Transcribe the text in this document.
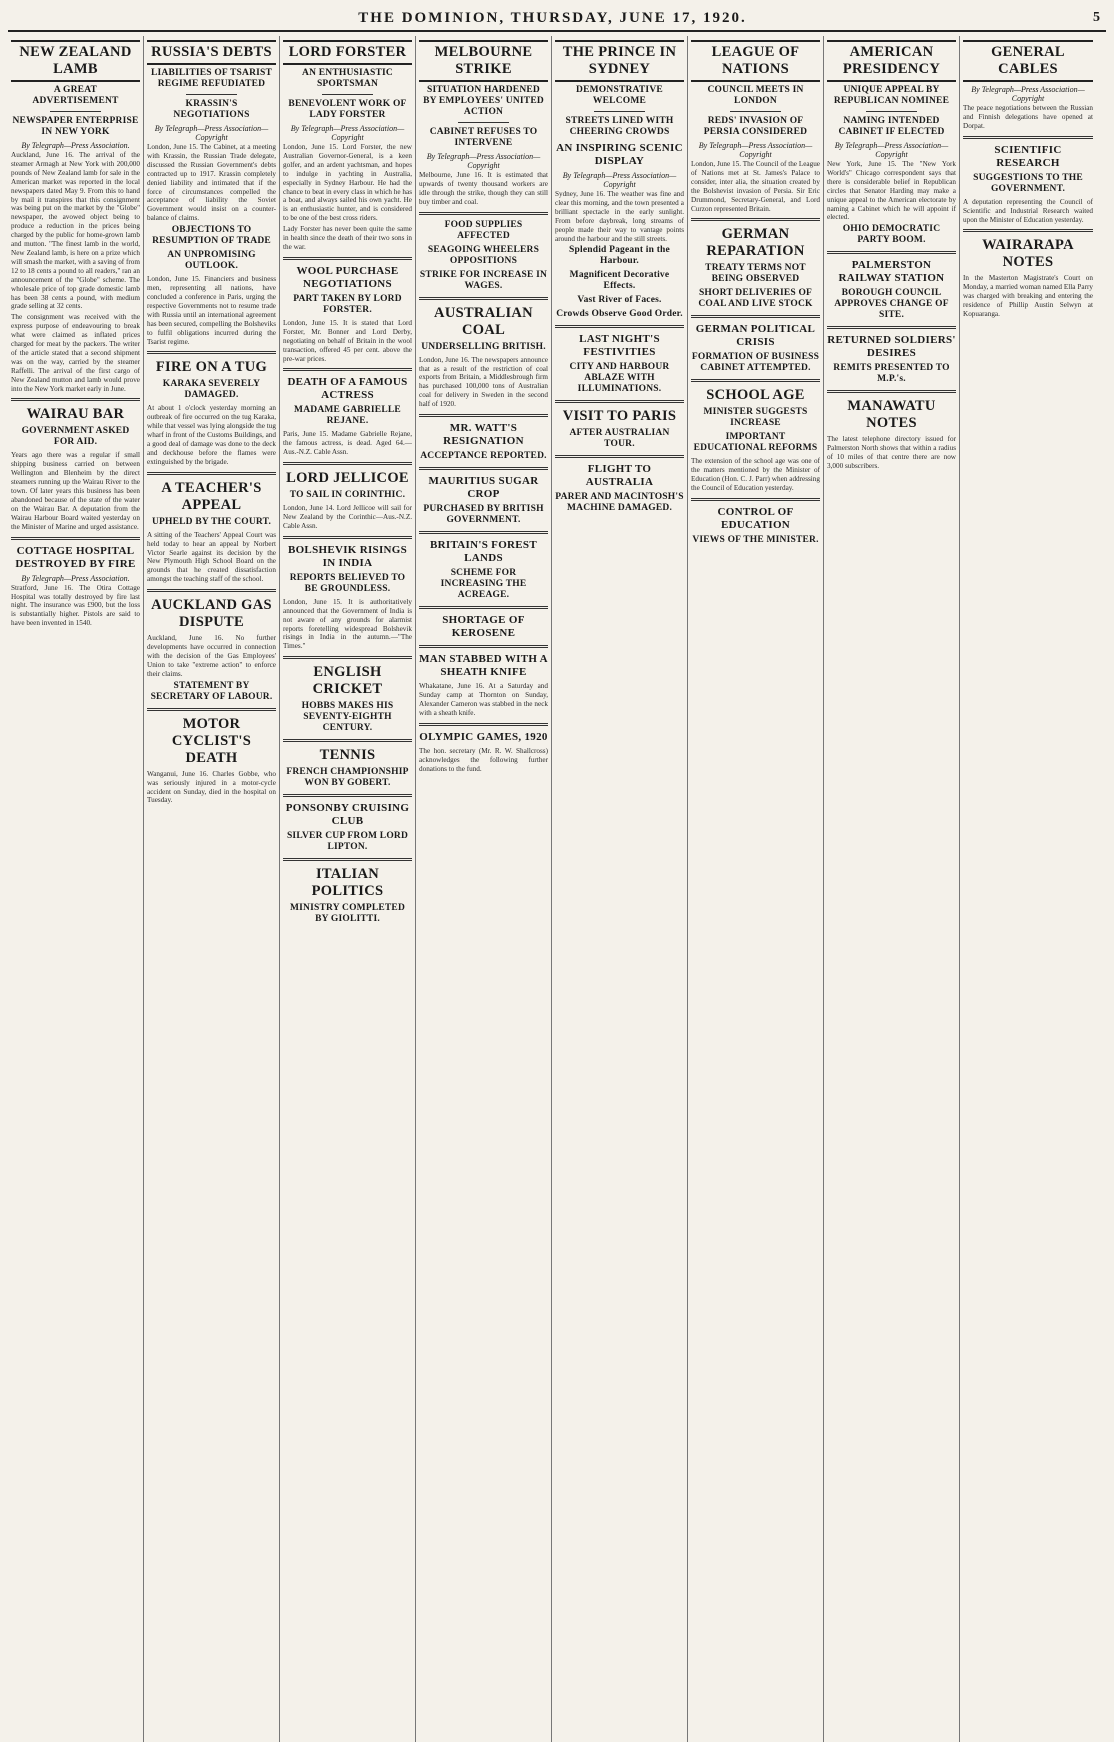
THE DOMINION, THURSDAY, JUNE 17, 1920.	5
NEW ZEALAND LAMB
A GREAT ADVERTISEMENT
NEWSPAPER ENTERPRISE IN NEW YORK
By Telegraph—Press Association.

Auckland, June 16. The arrival of the steamer Armagh at New York with 200,000 pounds of New Zealand lamb for sale in the American market was reported in the local newspapers dated May 9. From this to hand by mail it transpires that this consignment was being put on the market by the "Globe" newspaper, the avowed object being to produce a reduction in the prices being charged by the public for home-grown lamb and mutton. "The finest lamb in the world, New Zealand lamb, is here on a prize which will smash the market, with a saving of from 12 to 18 cents a pound to all readers," ran an announcement of the "Globe" scheme. The wholesale price of top grade domestic lamb has been 38 cents a pound, with medium grade selling at 32 cents.

The consignment was received with the express purpose of endeavouring to break what were claimed as inflated prices charged for meat by the packers. The writer of the article stated that a second shipment was on the way, carried by the steamer Raffelli. The arrival of the first cargo of New Zealand mutton and lamb would prove into the New York market early in June.

WAIRAU BAR
GOVERNMENT ASKED FOR AID.

Years ago there was a regular if small shipping business carried on between Wellington and Blenheim by the direct steamers running up the Wairau River to the town. Of later years this business has been abandoned because of the state of the water on the Wairau Bar. A deputation from the Wairau Harbour Board waited yesterday on the Minister of Marine and urged assistance.

COTTAGE HOSPITAL DESTROYED BY FIRE
By Telegraph—Press Association.

Stratford, June 16. The Otira Cottage Hospital was totally destroyed by fire last night. The insurance was £900, but the loss is substantially higher. Pistols are said to have been invented in 1540.

RUSSIA'S DEBTS
LIABILITIES OF TSARIST REGIME REFUDIATED
KRASSIN'S NEGOTIATIONS
By Telegraph—Press Association—Copyright

London, June 15. The Cabinet, at a meeting with Krassin, the Russian Trade delegate, discussed the Russian Government's debts contracted up to 1917. Krassin completely denied liability and intimated that if the force of circumstances compelled the acceptance of liability the Soviet Government would insist on a counter-balance of claims.

OBJECTIONS TO RESUMPTION OF TRADE
AN UNPROMISING OUTLOOK.

London, June 15. Financiers and business men, representing all nations, have concluded a conference in Paris, urging the respective Governments not to resume trade with Russia until an international agreement has been secured, compelling the Bolsheviks to fulfil obligations incurred during the Tsarist regime.

FIRE ON A TUG
KARAKA SEVERELY DAMAGED.

At about 1 o'clock yesterday morning an outbreak of fire occurred on the tug Karaka, while that vessel was lying alongside the tug wharf in front of the Customs Buildings, and a good deal of damage was done to the deck and deckhouse before the flames were extinguished by the brigade.

A TEACHER'S APPEAL
UPHELD BY THE COURT.

A sitting of the Teachers' Appeal Court was held today to hear an appeal by Norbert Victor Searle against its decision by the New Plymouth High School Board on the grounds that he created dissatisfaction amongst the teaching staff of the school.

AUCKLAND GAS DISPUTE

Auckland, June 16. No further developments have occurred in connection with the decision of the Gas Employees' Union to take "extreme action" to enforce their claims.

STATEMENT BY SECRETARY OF LABOUR.
MOTOR CYCLIST'S DEATH

Wanganui, June 16. Charles Gobbe, who was seriously injured in a motor-cycle accident on Sunday, died in the hospital on Tuesday.

LORD FORSTER
AN ENTHUSIASTIC SPORTSMAN
BENEVOLENT WORK OF LADY FORSTER
By Telegraph—Press Association—Copyright

London, June 15. Lord Forster, the new Australian Governor-General, is a keen golfer, and an ardent yachtsman, and hopes to indulge in yachting in Australia, especially in Sydney Harbour. He had the chance to beat in every class in which he has a boat, and always sailed his own yacht. He is an enthusiastic hunter, and is considered to be one of the best cross riders.

Lady Forster has never been quite the same in health since the death of their two sons in the war.

WOOL PURCHASE NEGOTIATIONS
PART TAKEN BY LORD FORSTER.

London, June 15. It is stated that Lord Forster, Mr. Bonner and Lord Derby, negotiating on behalf of Britain in the wool transaction, offered 45 per cent. above the pre-war prices.

DEATH OF A FAMOUS ACTRESS
MADAME GABRIELLE REJANE.

Paris, June 15. Madame Gabrielle Rejane, the famous actress, is dead. Aged 64.—Aus.-N.Z. Cable Assn.

LORD JELLICOE
TO SAIL IN CORINTHIC.

London, June 14. Lord Jellicoe will sail for New Zealand by the Corinthic—Aus.-N.Z. Cable Assn.

BOLSHEVIK RISINGS IN INDIA
REPORTS BELIEVED TO BE GROUNDLESS.

London, June 15. It is authoritatively announced that the Government of India is not aware of any grounds for alarmist reports foretelling widespread Bolshevik risings in India in the autumn.—"The Times."

ENGLISH CRICKET
HOBBS MAKES HIS SEVENTY-EIGHTH CENTURY.
TENNIS
FRENCH CHAMPIONSHIP WON BY GOBERT.
PONSONBY CRUISING CLUB
SILVER CUP FROM LORD LIPTON.
ITALIAN POLITICS
MINISTRY COMPLETED BY GIOLITTI.
MELBOURNE STRIKE
SITUATION HARDENED BY EMPLOYEES' UNITED ACTION
CABINET REFUSES TO INTERVENE
By Telegraph—Press Association—Copyright

Melbourne, June 16. It is estimated that upwards of twenty thousand workers are idle through the strike, though they can still buy timber and coal.

FOOD SUPPLIES AFFECTED
SEAGOING WHEELERS OPPOSITIONS
STRIKE FOR INCREASE IN WAGES.
AUSTRALIAN COAL
UNDERSELLING BRITISH.

London, June 16. The newspapers announce that as a result of the restriction of coal exports from Britain, a Middlesbrough firm has purchased 100,000 tons of Australian coal for delivery in Sweden in the second half of 1920.

MR. WATT'S RESIGNATION
ACCEPTANCE REPORTED.
MAURITIUS SUGAR CROP
PURCHASED BY BRITISH GOVERNMENT.
BRITAIN'S FOREST LANDS
SCHEME FOR INCREASING THE ACREAGE.
SHORTAGE OF KEROSENE
MAN STABBED WITH A SHEATH KNIFE

Whakatane, June 16. At a Saturday and Sunday camp at Thornton on Sunday, Alexander Cameron was stabbed in the neck with a sheath knife.

OLYMPIC GAMES, 1920

The hon. secretary (Mr. R. W. Shallcross) acknowledges the following further donations to the fund.

THE PRINCE IN SYDNEY
DEMONSTRATIVE WELCOME
STREETS LINED WITH CHEERING CROWDS
AN INSPIRING SCENIC DISPLAY
By Telegraph—Press Association—Copyright

Sydney, June 16. The weather was fine and clear this morning, and the town presented a brilliant spectacle in the early sunlight. From before daybreak, long streams of people made their way to vantage points around the harbour and the still streets.

Splendid Pageant in the Harbour.
Magnificent Decorative Effects.
Vast River of Faces.
Crowds Observe Good Order.
LAST NIGHT'S FESTIVITIES
CITY AND HARBOUR ABLAZE WITH ILLUMINATIONS.
VISIT TO PARIS
AFTER AUSTRALIAN TOUR.
FLIGHT TO AUSTRALIA
PARER AND MACINTOSH'S MACHINE DAMAGED.
LEAGUE OF NATIONS
COUNCIL MEETS IN LONDON
REDS' INVASION OF PERSIA CONSIDERED
By Telegraph—Press Association—Copyright

London, June 15. The Council of the League of Nations met at St. James's Palace to consider, inter alia, the situation created by the Bolshevist invasion of Persia. Sir Eric Drummond, Secretary-General, and Lord Curzon represented Britain.

GERMAN REPARATION
TREATY TERMS NOT BEING OBSERVED
SHORT DELIVERIES OF COAL AND LIVE STOCK
GERMAN POLITICAL CRISIS
FORMATION OF BUSINESS CABINET ATTEMPTED.
SCHOOL AGE
MINISTER SUGGESTS INCREASE
IMPORTANT EDUCATIONAL REFORMS

The extension of the school age was one of the matters mentioned by the Minister of Education (Hon. C. J. Parr) when addressing the Council of Education yesterday.

CONTROL OF EDUCATION
VIEWS OF THE MINISTER.
AMERICAN PRESIDENCY
UNIQUE APPEAL BY REPUBLICAN NOMINEE
NAMING INTENDED CABINET IF ELECTED
By Telegraph—Press Association—Copyright

New York, June 15. The "New York World's" Chicago correspondent says that there is considerable belief in Republican circles that Senator Harding may make a unique appeal to the American electorate by naming a Cabinet which he will appoint if elected.

OHIO DEMOCRATIC PARTY BOOM.
PALMERSTON RAILWAY STATION
BOROUGH COUNCIL APPROVES CHANGE OF SITE.
RETURNED SOLDIERS' DESIRES
REMITS PRESENTED TO M.P.'s.
MANAWATU NOTES

The latest telephone directory issued for Palmerston North shows that within a radius of 10 miles of that centre there are now 3,000 subscribers.

GENERAL CABLES
By Telegraph—Press Association—Copyright

The peace negotiations between the Russian and Finnish delegations have opened at Dorpat.

SCIENTIFIC RESEARCH
SUGGESTIONS TO THE GOVERNMENT.

A deputation representing the Council of Scientific and Industrial Research waited upon the Minister of Education yesterday.

WAIRARAPA NOTES

In the Masterton Magistrate's Court on Monday, a married woman named Ella Parry was charged with breaking and entering the residence of Phillip Austin Selwyn at Kopuaranga.
